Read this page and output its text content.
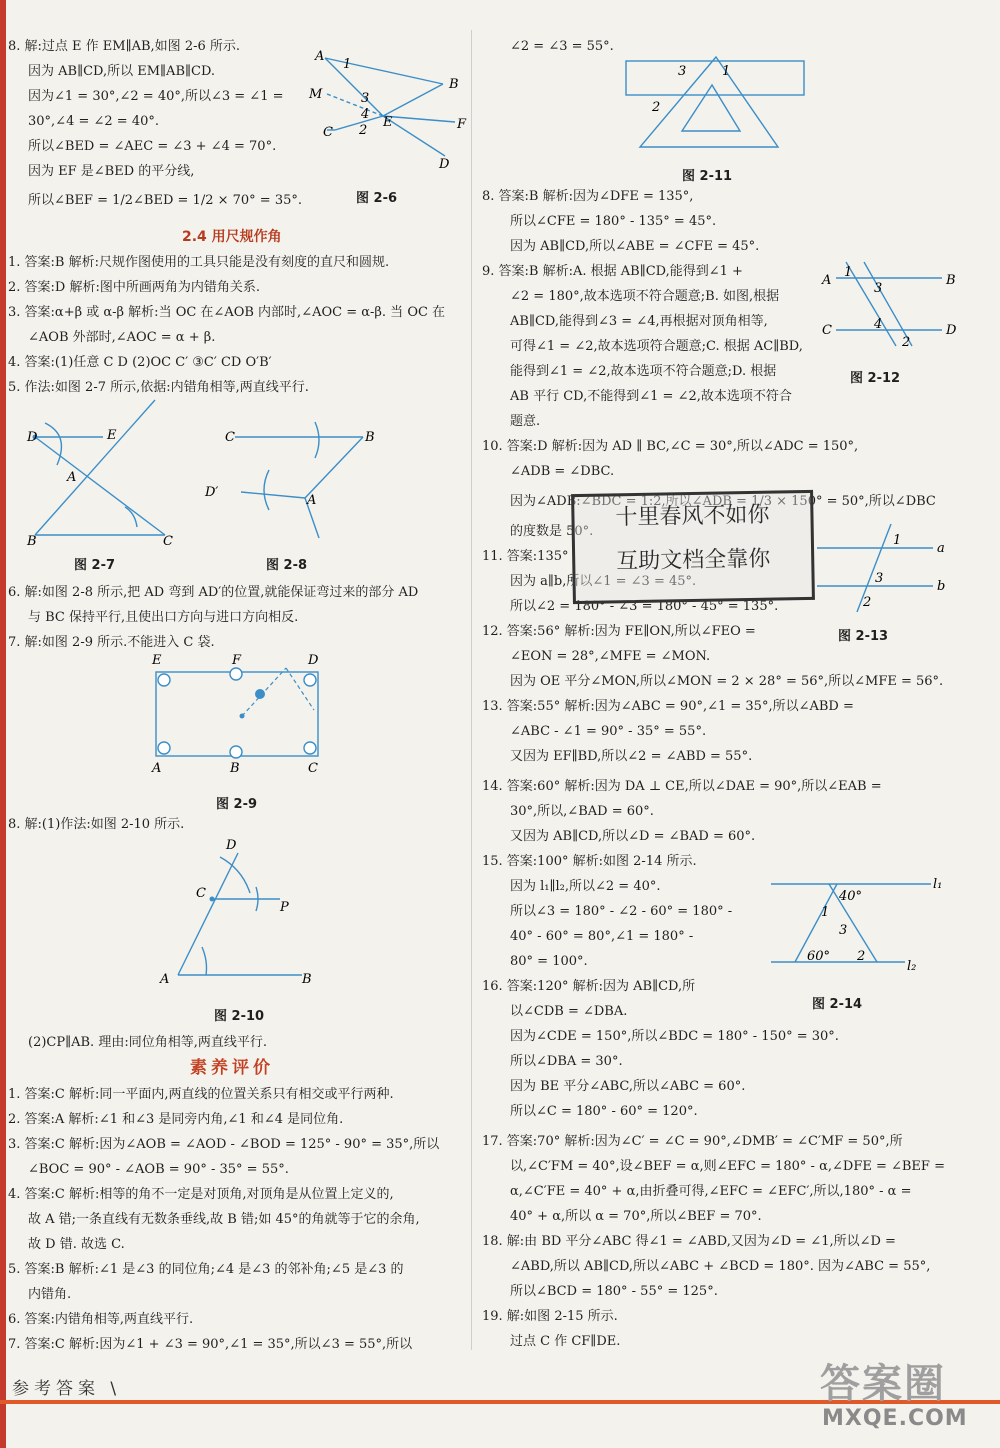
8. 解:过点 E 作 EM∥AB,如图 2-6 所示.
因为 AB∥CD,所以 EM∥AB∥CD.
因为∠1 = 30°,∠2 = 40°,所以∠3 = ∠1 =
30°,∠4 = ∠2 = 40°.
所以∠BED = ∠AEC = ∠3 + ∠4 = 70°.
因为 EF 是∠BED 的平分线,
所以∠BEF = 1/2∠BED = 1/2 × 70° = 35°.	图 2-6
2.4 用尺规作角
1. 答案:B 解析:尺规作图使用的工具只能是没有刻度的直尺和圆规.
2. 答案:D 解析:图中所画两角为内错角关系.
3. 答案:α+β 或 α-β 解析:当 OC 在∠AOB 内部时,∠AOC = α-β. 当 OC 在
∠AOB 外部时,∠AOC = α + β.
4. 答案:(1)任意 C D (2)OC C′ ③C′ CD O′B′
5. 作法:如图 2-7 所示,依据:内错角相等,两直线平行.
图 2-7	图 2-8
6. 解:如图 2-8 所示,把 AD 弯到 AD′的位置,就能保证弯过来的部分 AD
与 BC 保持平行,且使出口方向与进口方向相反.
7. 解:如图 2-9 所示.不能进入 C 袋.
图 2-9
8. 解:(1)作法:如图 2-10 所示.
图 2-10
(2)CP∥AB. 理由:同位角相等,两直线平行.
素养评价
1. 答案:C 解析:同一平面内,两直线的位置关系只有相交或平行两种.
2. 答案:A 解析:∠1 和∠3 是同旁内角,∠1 和∠4 是同位角.
3. 答案:C 解析:因为∠AOB = ∠AOD - ∠BOD = 125° - 90° = 35°,所以
∠BOC = 90° - ∠AOB = 90° - 35° = 55°.
4. 答案:C 解析:相等的角不一定是对顶角,对顶角是从位置上定义的,
故 A 错;一条直线有无数条垂线,故 B 错;如 45°的角就等于它的余角,
故 D 错. 故选 C.
5. 答案:B 解析:∠1 是∠3 的同位角;∠4 是∠3 的邻补角;∠5 是∠3 的
内错角.
6. 答案:内错角相等,两直线平行.
7. 答案:C 解析:因为∠1 + ∠3 = 90°,∠1 = 35°,所以∠3 = 55°,所以
A
B
M	3
1
4
2
E	F
C
D
D	E
A
B	C
C	B
D′
A
E	F	D
A	B	C
D
C
P
A	B
∠2 = ∠3 = 55°.
图 2-11
8. 答案:B 解析:因为∠DFE = 135°,
所以∠CFE = 180° - 135° = 45°.
因为 AB∥CD,所以∠ABE = ∠CFE = 45°.
9. 答案:B 解析:A. 根据 AB∥CD,能得到∠1 +
∠2 = 180°,故本选项不符合题意;B. 如图,根据
AB∥CD,能得到∠3 = ∠4,再根据对顶角相等,
可得∠1 = ∠2,故本选项符合题意;C. 根据 AC∥BD,
能得到∠1 = ∠2,故本选项不符合题意;D. 根据
AB 平行 CD,不能得到∠1 = ∠2,故本选项不符合
题意.
图 2-12
10. 答案:D 解析:因为 AD ∥ BC,∠C = 30°,所以∠ADC = 150°,
∠ADB = ∠DBC.
因为∠ADB:∠BDC = 1:2,所以∠ADB = 1/3 × 150° = 50°,所以∠DBC
的度数是 50°.
11. 答案:135°
因为 a∥b,所以∠1 = ∠3 = 45°.
所以∠2 = 180° - ∠3 = 180° - 45° = 135°.
图 2-13
12. 答案:56° 解析:因为 FE∥ON,所以∠FEO =
∠EON = 28°,∠MFE = ∠MON.
因为 OE 平分∠MON,所以∠MON = 2 × 28° = 56°,所以∠MFE = 56°.
13. 答案:55° 解析:因为∠ABC = 90°,∠1 = 35°,所以∠ABD =
∠ABC - ∠1 = 90° - 35° = 55°.
又因为 EF∥BD,所以∠2 = ∠ABD = 55°.
14. 答案:60° 解析:因为 DA ⊥ CE,所以∠DAE = 90°,所以∠EAB =
30°,所以,∠BAD = 60°.
又因为 AB∥CD,所以∠D = ∠BAD = 60°.
15. 答案:100° 解析:如图 2-14 所示.
因为 l₁∥l₂,所以∠2 = 40°.
所以∠3 = 180° - ∠2 - 60° = 180° -
40° - 60° = 80°,∠1 = 180° -
80° = 100°.
图 2-14
16. 答案:120° 解析:因为 AB∥CD,所
以∠CDB = ∠DBA.
因为∠CDE = 150°,所以∠BDC = 180° - 150° = 30°.
所以∠DBA = 30°.
因为 BE 平分∠ABC,所以∠ABC = 60°.
所以∠C = 180° - 60° = 120°.
17. 答案:70° 解析:因为∠C′ = ∠C = 90°,∠DMB′ = ∠C′MF = 50°,所
以,∠C′FM = 40°,设∠BEF = α,则∠EFC = 180° - α,∠DFE = ∠BEF =
α,∠C′FE = 40° + α,由折叠可得,∠EFC = ∠EFC′,所以,180° - α =
40° + α,所以 α = 70°,所以∠BEF = 70°.
18. 解:由 BD 平分∠ABC 得∠1 = ∠ABD,又因为∠D = ∠1,所以∠D =
∠ABD,所以 AB∥CD,所以∠ABC + ∠BCD = 180°. 因为∠ABC = 55°,
所以∠BCD = 180° - 55° = 125°.
19. 解:如图 2-15 所示.
过点 C 作 CF∥DE.
3	1
2
A
1
3
B
C	4
2
D
1
a
3
b
2
40°
l₁
1
3
60° 2
l₂
十里春风不如你
互助文档全靠你
参考答案 \	答案圈
MXQE.COM
